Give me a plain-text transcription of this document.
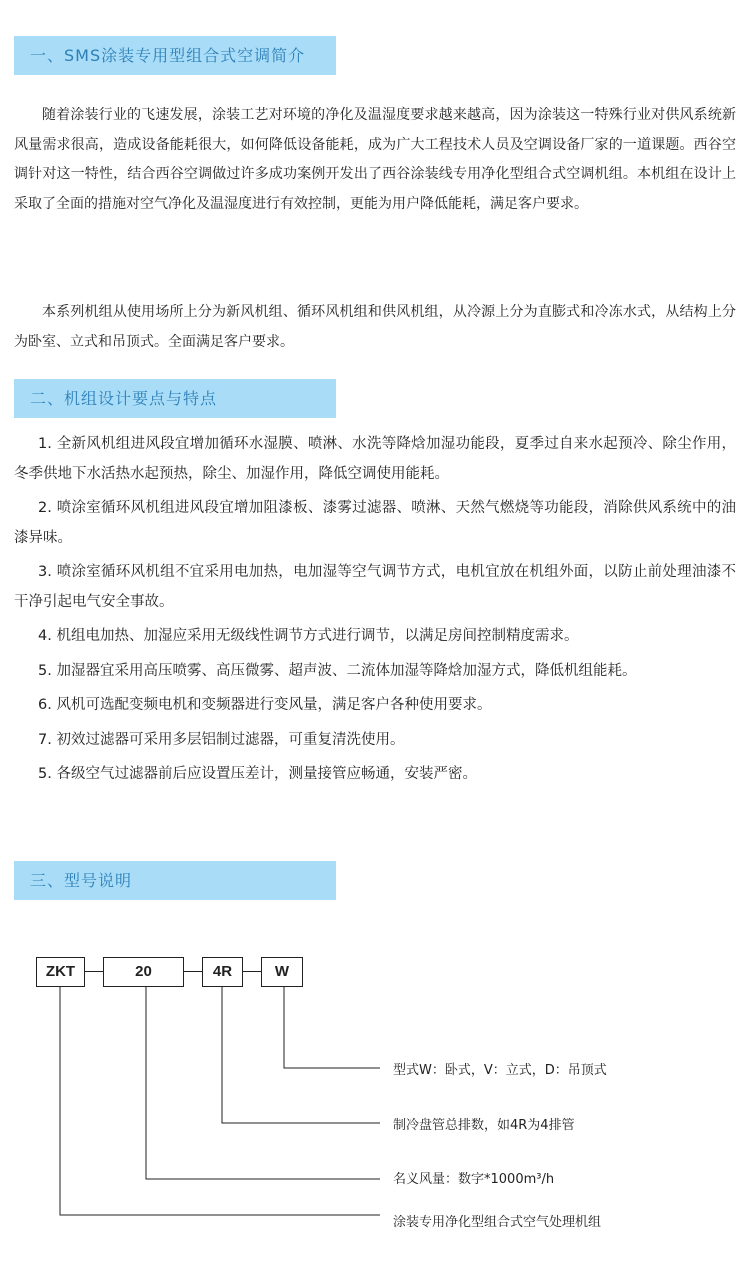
一、SMS涂装专用型组合式空调简介

随着涂装行业的飞速发展，涂装工艺对环境的净化及温湿度要求越来越高，因为涂装这一特殊行业对供风系统新风量需求很高，造成设备能耗很大，如何降低设备能耗，成为广大工程技术人员及空调设备厂家的一道课题。西谷空调针对这一特性，结合西谷空调做过许多成功案例开发出了西谷涂装线专用净化型组合式空调机组。本机组在设计上采取了全面的措施对空气净化及温湿度进行有效控制，更能为用户降低能耗，满足客户要求。

本系列机组从使用场所上分为新风机组、循环风机组和供风机组，从冷源上分为直膨式和冷冻水式，从结构上分为卧室、立式和吊顶式。全面满足客户要求。

二、机组设计要点与特点
1. 全新风机组进风段宜增加循环水湿膜、喷淋、水洗等降焓加湿功能段，夏季过自来水起预冷、除尘作用，冬季供地下水活热水起预热，除尘、加湿作用，降低空调使用能耗。
2. 喷涂室循环风机组进风段宜增加阻漆板、漆雾过滤器、喷淋、天然气燃烧等功能段，消除供风系统中的油漆异味。
3. 喷涂室循环风机组不宜采用电加热，电加湿等空气调节方式，电机宜放在机组外面，以防止前处理油漆不干净引起电气安全事故。
4. 机组电加热、加湿应采用无级线性调节方式进行调节，以满足房间控制精度需求。
5. 加湿器宜采用高压喷雾、高压微雾、超声波、二流体加湿等降焓加湿方式，降低机组能耗。
6. 风机可选配变频电机和变频器进行变风量，满足客户各种使用要求。
7. 初效过滤器可采用多层铝制过滤器，可重复清洗使用。
5. 各级空气过滤器前后应设置压差计，测量接管应畅通，安装严密。
三、型号说明
ZKT	20	4R	W
型式W：卧式，V：立式，D：吊顶式
制冷盘管总排数，如4R为4排管
名义风量：数字*1000m³/h
涂装专用净化型组合式空气处理机组
